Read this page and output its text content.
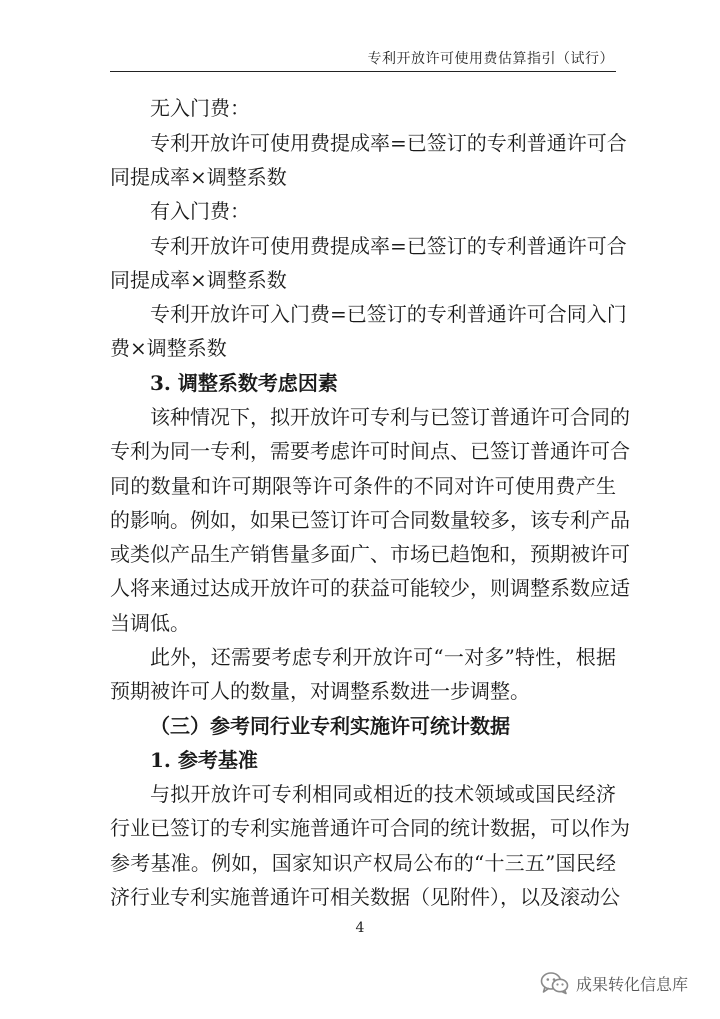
专利开放许可使用费估算指引（试行）
无入门费：
专利开放许可使用费提成率=已签订的专利普通许可合
同提成率×调整系数
有入门费：
专利开放许可使用费提成率=已签订的专利普通许可合
同提成率×调整系数
专利开放许可入门费=已签订的专利普通许可合同入门
费×调整系数
3. 调整系数考虑因素
该种情况下，拟开放许可专利与已签订普通许可合同的
专利为同一专利，需要考虑许可时间点、已签订普通许可合
同的数量和许可期限等许可条件的不同对许可使用费产生
的影响。例如，如果已签订许可合同数量较多，该专利产品
或类似产品生产销售量多面广、市场已趋饱和，预期被许可
人将来通过达成开放许可的获益可能较少，则调整系数应适
当调低。
此外，还需要考虑专利开放许可“一对多”特性，根据
预期被许可人的数量，对调整系数进一步调整。
（三）参考同行业专利实施许可统计数据
1. 参考基准
与拟开放许可专利相同或相近的技术领域或国民经济
行业已签订的专利实施普通许可合同的统计数据，可以作为
参考基准。例如，国家知识产权局公布的“十三五”国民经
济行业专利实施普通许可相关数据（见附件），以及滚动公
4
成果转化信息库
